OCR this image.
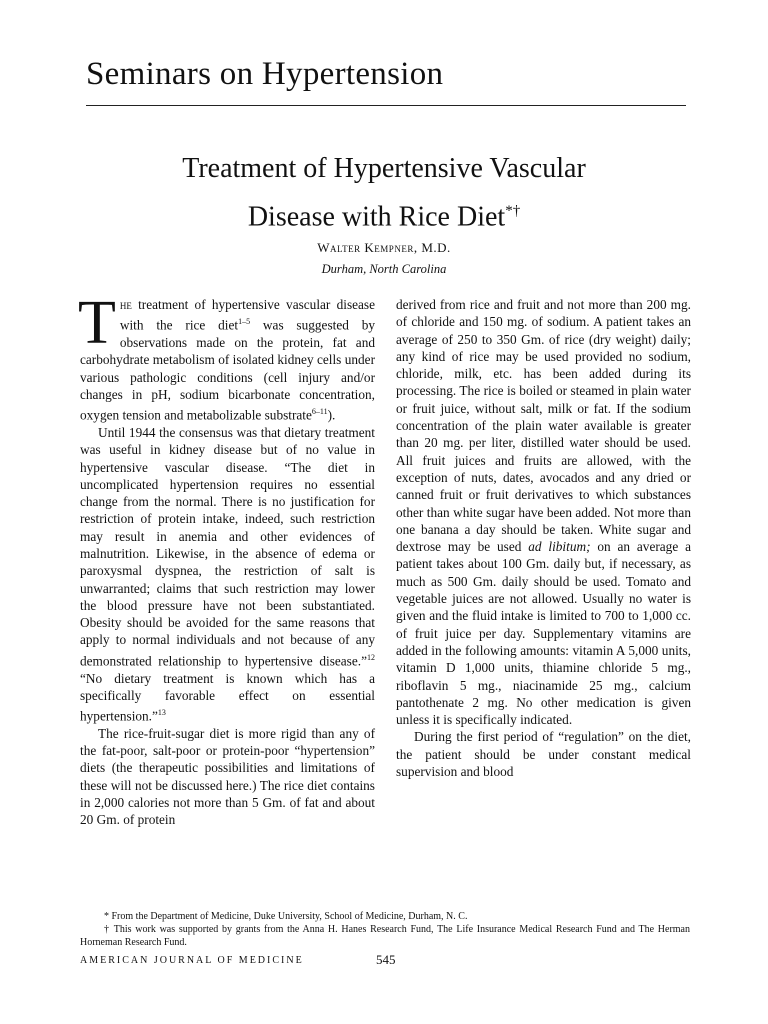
Seminars on Hypertension
Treatment of Hypertensive Vascular
Disease with Rice Diet*†
Walter Kempner, M.D.
Durham, North Carolina

The treatment of hypertensive vascular disease with the rice diet$^{1-5}$ was suggested by observations made on the protein, fat and carbohydrate metabolism of isolated kidney cells under various pathologic conditions (cell injury and/or changes in pH, sodium bicarbonate concentration, oxygen tension and metabolizable substrate$^{6-11}$).

Until 1944 the consensus was that dietary treatment was useful in kidney disease but of no value in hypertensive vascular disease. “The diet in uncomplicated hypertension requires no essential change from the normal. There is no justification for restriction of protein intake, indeed, such restriction may result in anemia and other evidences of malnutrition. Likewise, in the absence of edema or paroxysmal dyspnea, the restriction of salt is unwarranted; claims that such restriction may lower the blood pressure have not been substantiated. Obesity should be avoided for the same reasons that apply to normal individuals and not because of any demonstrated relationship to hypertensive disease.”$^{12}$ “No dietary treatment is known which has a specifically favorable effect on essential hypertension.”$^{13}$

The rice-fruit-sugar diet is more rigid than any of the fat-poor, salt-poor or protein-poor “hypertension” diets (the therapeutic possibilities and limitations of these will not be discussed here.) The rice diet contains in 2,000 calories not more than 5 Gm. of fat and about 20 Gm. of protein

derived from rice and fruit and not more than 200 mg. of chloride and 150 mg. of sodium. A patient takes an average of 250 to 350 Gm. of rice (dry weight) daily; any kind of rice may be used provided no sodium, chloride, milk, etc. has been added during its processing. The rice is boiled or steamed in plain water or fruit juice, without salt, milk or fat. If the sodium concentration of the plain water available is greater than 20 mg. per liter, distilled water should be used. All fruit juices and fruits are allowed, with the exception of nuts, dates, avocados and any dried or canned fruit or fruit derivatives to which substances other than white sugar have been added. Not more than one banana a day should be taken. White sugar and dextrose may be used ad libitum; on an average a patient takes about 100 Gm. daily but, if necessary, as much as 500 Gm. daily should be used. Tomato and vegetable juices are not allowed. Usually no water is given and the fluid intake is limited to 700 to 1,000 cc. of fruit juice per day. Supplementary vitamins are added in the following amounts: vitamin A 5,000 units, vitamin D 1,000 units, thiamine chloride 5 mg., riboflavin 5 mg., niacinamide 25 mg., calcium pantothenate 2 mg. No other medication is given unless it is specifically indicated.

During the first period of “regulation” on the diet, the patient should be under constant medical supervision and blood

* From the Department of Medicine, Duke University, School of Medicine, Durham, N. C.

† This work was supported by grants from the Anna H. Hanes Research Fund, The Life Insurance Medical Research Fund and The Herman Horneman Research Fund.

AMERICAN JOURNAL OF MEDICINE	545
